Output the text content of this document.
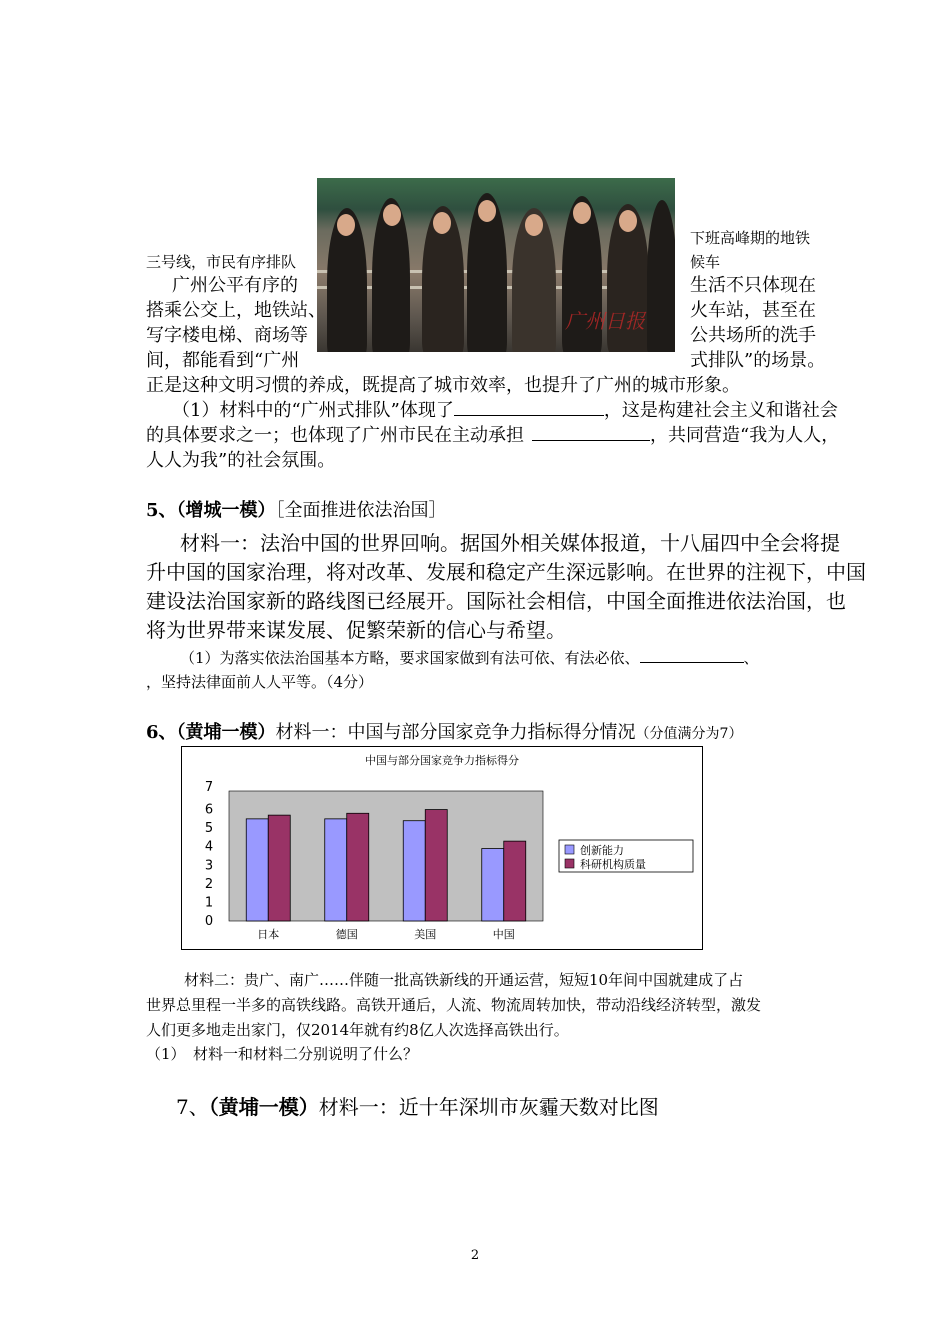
广州日报
下班高峰期的地铁
候车
三号线，市民有序排队
广州公平有序的	生活不只体现在
搭乘公交上，地铁站、	火车站，甚至在
写字楼电梯、商场等	公共场所的洗手
间，都能看到“广州	式排队”的场景。
正是这种文明习惯的养成，既提高了城市效率，也提升了广州的城市形象。
（1）材料中的“广州式排队”体现了	，这是构建社会主义和谐社会
的具体要求之一；也体现了广州市民在主动承担	，共同营造“我为人人，
人人为我”的社会氛围。
5、（增城一模）［全面推进依法治国］
材料一：法治中国的世界回响。据国外相关媒体报道，十八届四中全会将提
升中国的国家治理，将对改革、发展和稳定产生深远影响。在世界的注视下，中国
建设法治国家新的路线图已经展开。国际社会相信，中国全面推进依法治国，也
将为世界带来谋发展、促繁荣新的信心与希望。
（1）为落实依法治国基本方略，要求国家做到有法可依、有法必依、	、
，坚持法律面前人人平等。（4分）
6、（黄埔一模）材料一：中国与部分国家竞争力指标得分情况（分值满分为7）
中国与部分国家竞争力指标得分
0
1
2
3
4
5
6
7
日本	德国	美国	中国
创新能力
科研机构质量
材料二：贵广、南广……伴随一批高铁新线的开通运营，短短10年间中国就建成了占
世界总里程一半多的高铁线路。高铁开通后，人流、物流周转加快，带动沿线经济转型，激发
人们更多地走出家门，仅2014年就有约8亿人次选择高铁出行。
（1）　材料一和材料二分别说明了什么？
7、（黄埔一模）材料一：近十年深圳市灰霾天数对比图
2
